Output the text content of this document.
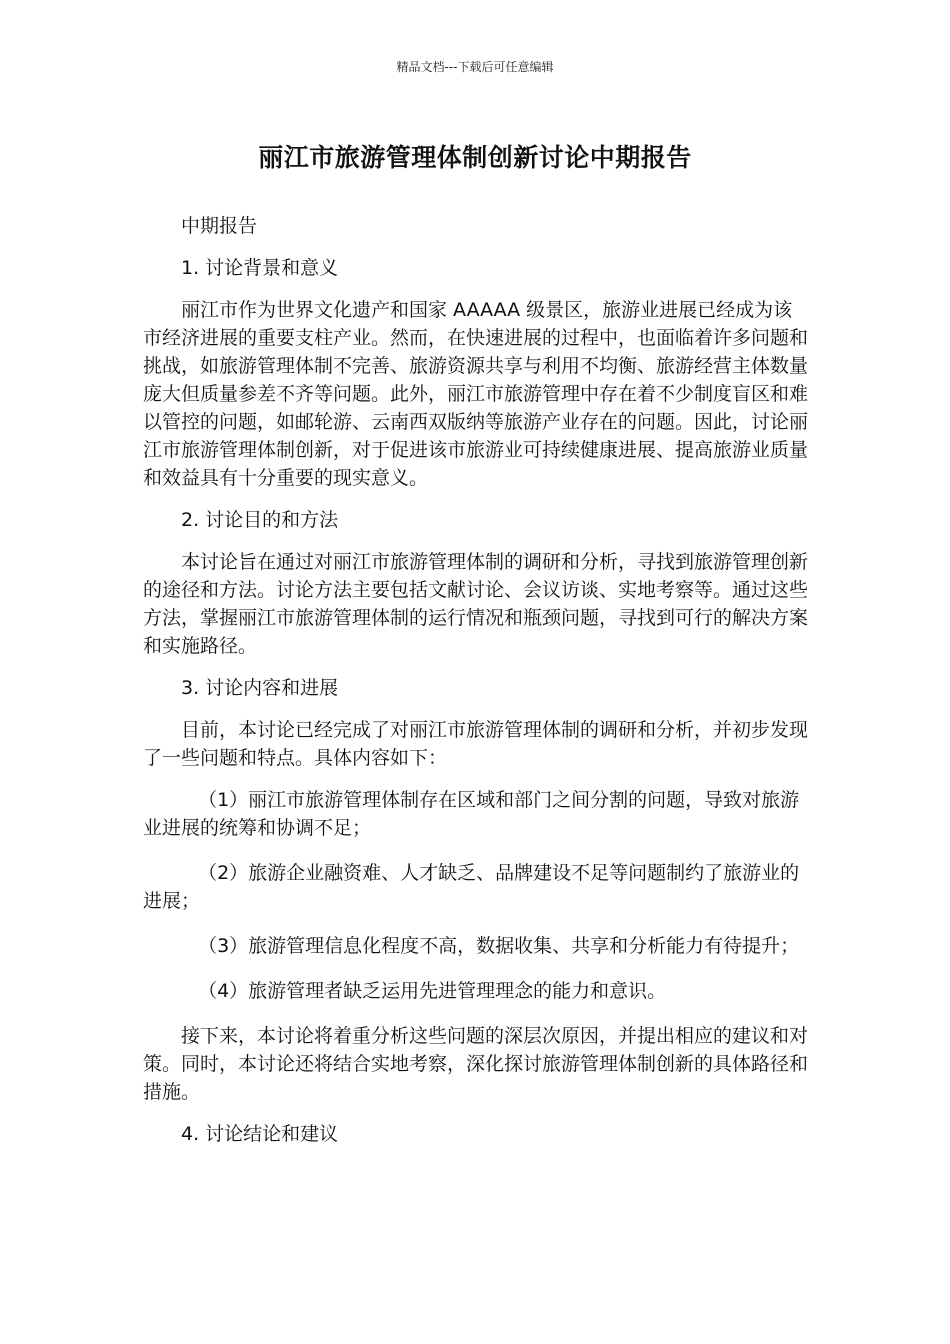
精品文档---下载后可任意编辑

丽江市旅游管理体制创新讨论中期报告

中期报告

1. 讨论背景和意义

丽江市作为世界文化遗产和国家 AAAAA 级景区，旅游业进展已经成为该市经济进展的重要支柱产业。然而，在快速进展的过程中，也面临着许多问题和挑战，如旅游管理体制不完善、旅游资源共享与利用不均衡、旅游经营主体数量庞大但质量参差不齐等问题。此外，丽江市旅游管理中存在着不少制度盲区和难以管控的问题，如邮轮游、云南西双版纳等旅游产业存在的问题。因此，讨论丽江市旅游管理体制创新，对于促进该市旅游业可持续健康进展、提高旅游业质量和效益具有十分重要的现实意义。

2. 讨论目的和方法

本讨论旨在通过对丽江市旅游管理体制的调研和分析，寻找到旅游管理创新的途径和方法。讨论方法主要包括文献讨论、会议访谈、实地考察等。通过这些方法，掌握丽江市旅游管理体制的运行情况和瓶颈问题，寻找到可行的解决方案和实施路径。

3. 讨论内容和进展

目前，本讨论已经完成了对丽江市旅游管理体制的调研和分析，并初步发现了一些问题和特点。具体内容如下：

（1）丽江市旅游管理体制存在区域和部门之间分割的问题，导致对旅游业进展的统筹和协调不足；

（2）旅游企业融资难、人才缺乏、品牌建设不足等问题制约了旅游业的进展；

（3）旅游管理信息化程度不高，数据收集、共享和分析能力有待提升；

（4）旅游管理者缺乏运用先进管理理念的能力和意识。

接下来，本讨论将着重分析这些问题的深层次原因，并提出相应的建议和对策。同时，本讨论还将结合实地考察，深化探讨旅游管理体制创新的具体路径和措施。

4. 讨论结论和建议
